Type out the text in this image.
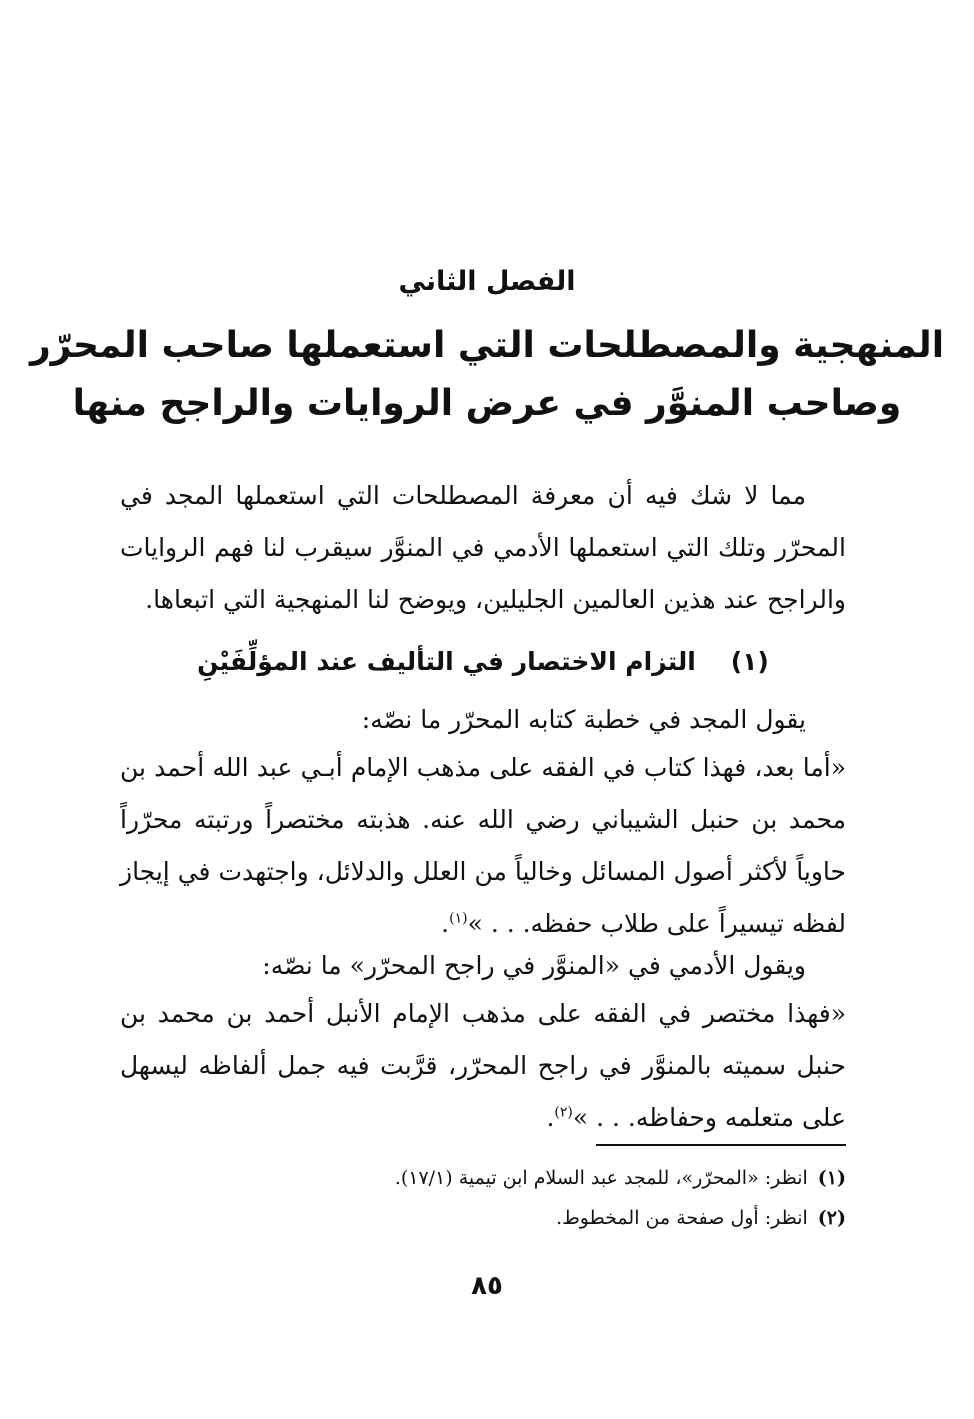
الفصل الثاني
المنهجية والمصطلحات التي استعملها صاحب المحرّر
وصاحب المنوَّر في عرض الروايات والراجح منها

مما لا شك فيه أن معرفة المصطلحات التي استعملها المجد في المحرّر وتلك التي استعملها الأدمي في المنوَّر سيقرب لنا فهم الروايات والراجح عند هذين العالمين الجليلين، ويوضح لنا المنهجية التي اتبعاها.

(١)    التزام الاختصار في التأليف عند المؤلِّفَيْنِ

يقول المجد في خطبة كتابه المحرّر ما نصّه:

«أما بعد، فهذا كتاب في الفقه على مذهب الإمام أبـي عبد الله أحمد بن محمد بن حنبل الشيباني رضي الله عنه. هذبته مختصراً ورتبته محرّراً حاوياً لأكثر أصول المسائل وخالياً من العلل والدلائل، واجتهدت في إيجاز لفظه تيسيراً على طلاب حفظه. . . »$^{(١)}$.

ويقول الأدمي في «المنوَّر في راجح المحرّر» ما نصّه:

«فهذا مختصر في الفقه على مذهب الإمام الأنبل أحمد بن محمد بن حنبل سميته بالمنوَّر في راجح المحرّر، قرَّبت فيه جمل ألفاظه ليسهل على متعلمه وحفاظه. . . »$^{(٢)}$.

(١)انظر: «المحرّر»، للمجد عبد السلام ابن تيمية (١٧/١).
(٢)انظر: أول صفحة من المخطوط.
٨٥
